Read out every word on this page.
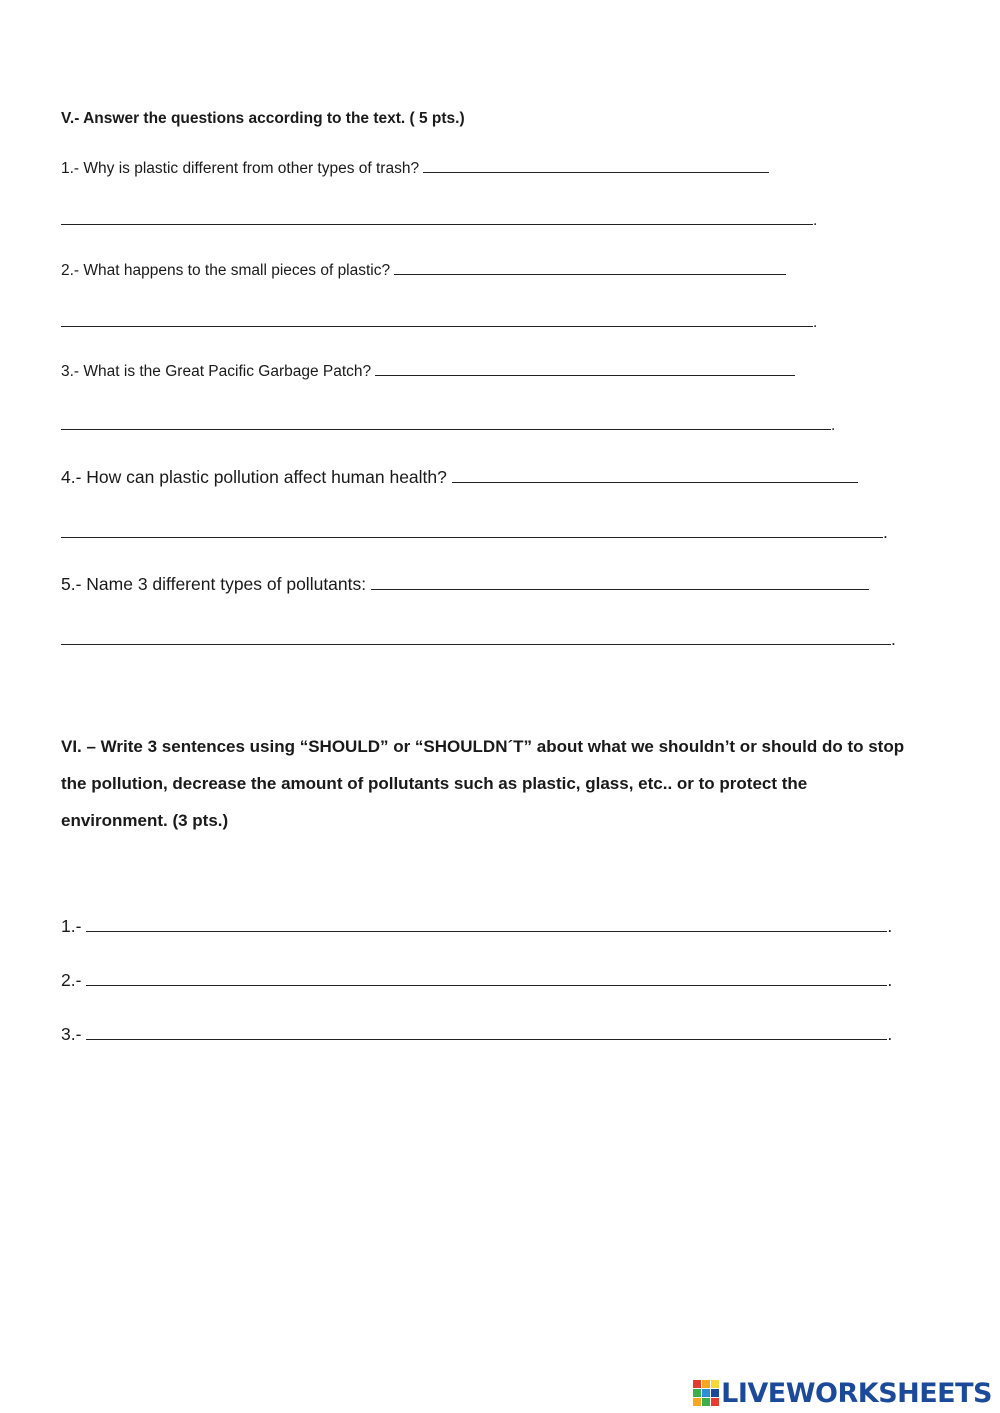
V.- Answer the questions according to the text. ( 5 pts.)
1.- Why is plastic different from other types of trash?
.
2.- What happens to the small pieces of plastic?
.
3.- What is the Great Pacific Garbage Patch?
.
4.- How can plastic pollution affect human health?
.
5.- Name 3 different types of pollutants:
.
VI. – Write 3 sentences using “SHOULD” or “SHOULDN´T” about what we shouldn’t or should do to stop
the pollution, decrease the amount of pollutants such as plastic, glass, etc.. or to protect the
environment. (3 pts.)
1.-	.
2.-	.
3.-	.
LIVEWORKSHEETS
